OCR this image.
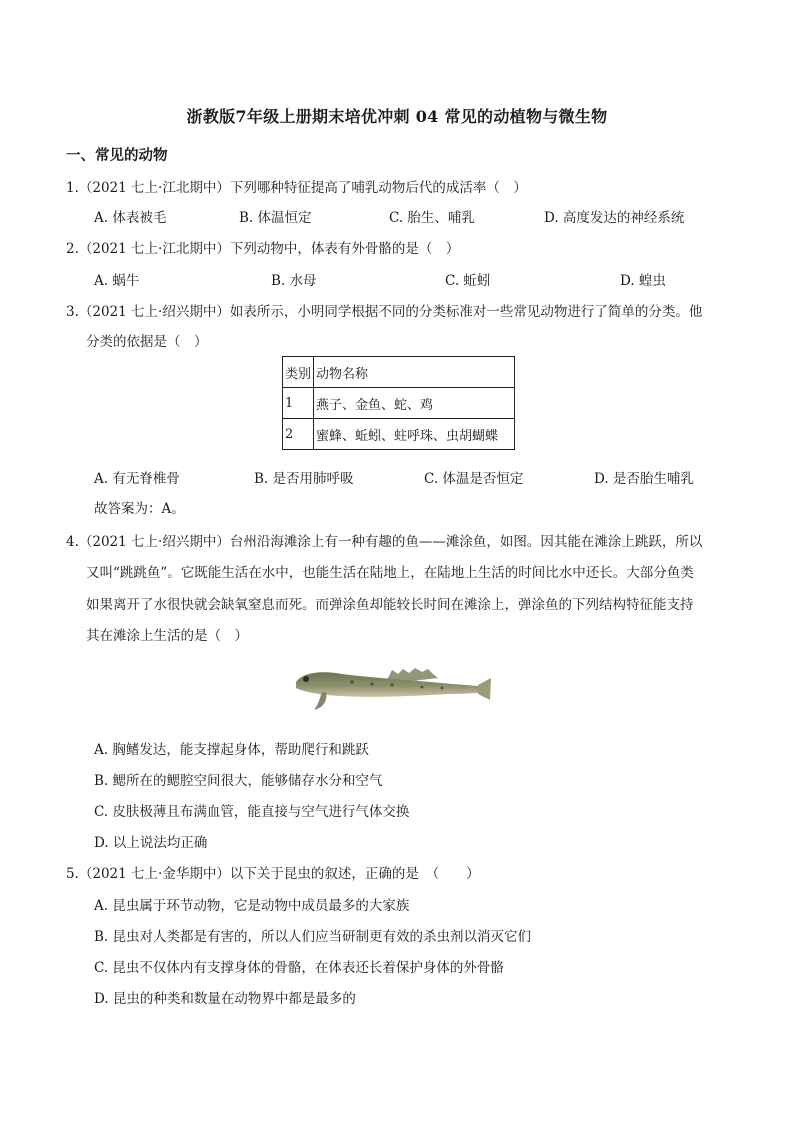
浙教版7年级上册期末培优冲刺 04 常见的动植物与微生物
一、常见的动物
1.（2021 七上·江北期中）下列哪种特征提高了哺乳动物后代的成活率（　）
A. 体表被毛	B. 体温恒定	C. 胎生、哺乳	D. 高度发达的神经系统
2.（2021 七上·江北期中）下列动物中，体表有外骨骼的是（　）
A. 蜗牛	B. 水母	C. 蚯蚓	D. 蝗虫
3.（2021 七上·绍兴期中）如表所示，小明同学根据不同的分类标准对一些常见动物进行了简单的分类。他
分类的依据是（　）
类别	动物名称
1	燕子、金鱼、蛇、鸡
2	蜜蜂、蚯蚓、蛀呼珠、虫胡蝴蝶
A. 有无脊椎骨	B. 是否用肺呼吸	C. 体温是否恒定	D. 是否胎生哺乳
故答案为：A。
4.（2021 七上·绍兴期中）台州沿海滩涂上有一种有趣的鱼——滩涂鱼，如图。因其能在滩涂上跳跃，所以
又叫“跳跳鱼”。它既能生活在水中，也能生活在陆地上，在陆地上生活的时间比水中还长。大部分鱼类
如果离开了水很快就会缺氧窒息而死。而弹涂鱼却能较长时间在滩涂上，弹涂鱼的下列结构特征能支持
其在滩涂上生活的是（　）
A. 胸鳍发达，能支撑起身体，帮助爬行和跳跃
B. 鳃所在的鳃腔空间很大，能够储存水分和空气
C. 皮肤极薄且布满血管，能直接与空气进行气体交换
D. 以上说法均正确
5.（2021 七上·金华期中）以下关于昆虫的叙述，正确的是　（　　）
A. 昆虫属于环节动物，它是动物中成员最多的大家族
B. 昆虫对人类都是有害的，所以人们应当研制更有效的杀虫剂以消灭它们
C. 昆虫不仅体内有支撑身体的骨骼，在体表还长着保护身体的外骨骼
D. 昆虫的种类和数量在动物界中都是最多的
